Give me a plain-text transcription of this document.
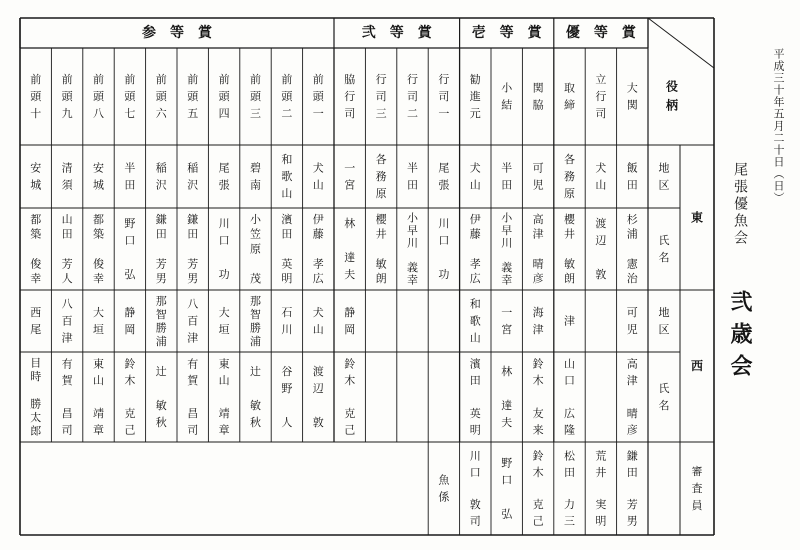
優　等　賞
壱　等　賞
弐　等　賞
参　等　賞
役
柄
地
区
氏
名
地
区
氏
名
東
西
審
査
員
大
関
飯
田
杉
浦

憲
治
可
児
高
津

晴
彦
立
行
司
犬
山
渡
辺

敦
取
締
各
務
原
櫻
井

敏
朗
津
山
口

広
隆
関
脇
可
児
高
津

晴
彦
海
津
鈴
木

友
来
小
結
半
田
小
早
川

義
幸
一
宮
林

達
夫
勧
進
元
犬
山
伊
藤

孝
広
和
歌
山
濱
田

英
明
行
司
一
尾
張
川
口

功
行
司
二
半
田
小
早
川

義
幸
行
司
三
各
務
原
櫻
井

敏
朗
脇
行
司
一
宮
林

達
夫
静
岡
鈴
木

克
己
前
頭
一
犬
山
伊
藤

孝
広
犬
山
渡
辺

敦
前
頭
二
和
歌
山
濱
田

英
明
石
川
谷
野

人
前
頭
三
碧
南
小
笠
原

茂
那
智
勝
浦
辻

敏
秋
前
頭
四
尾
張
川
口

功
大
垣
東
山

靖
章
前
頭
五
稲
沢
鎌
田

芳
男
八
百
津
有
賀

昌
司
前
頭
六
稲
沢
鎌
田

芳
男
那
智
勝
浦
辻

敏
秋
前
頭
七
半
田
野
口

弘
静
岡
鈴
木

克
己
前
頭
八
安
城
都
築

俊
幸
大
垣
東
山

靖
章
前
頭
九
清
須
山
田

芳
人
八
百
津
有
賀

昌
司
前
頭
十
安
城
都
築

俊
幸
西
尾
目
時

勝
太
郎
鎌
田

芳
男
荒
井

実
明
松
田

力
三
鈴
木

克
己
野
口

弘
川
口

敦
司
魚
係
平成三十年五月二十日（日）
尾張優魚会
弐歳会
